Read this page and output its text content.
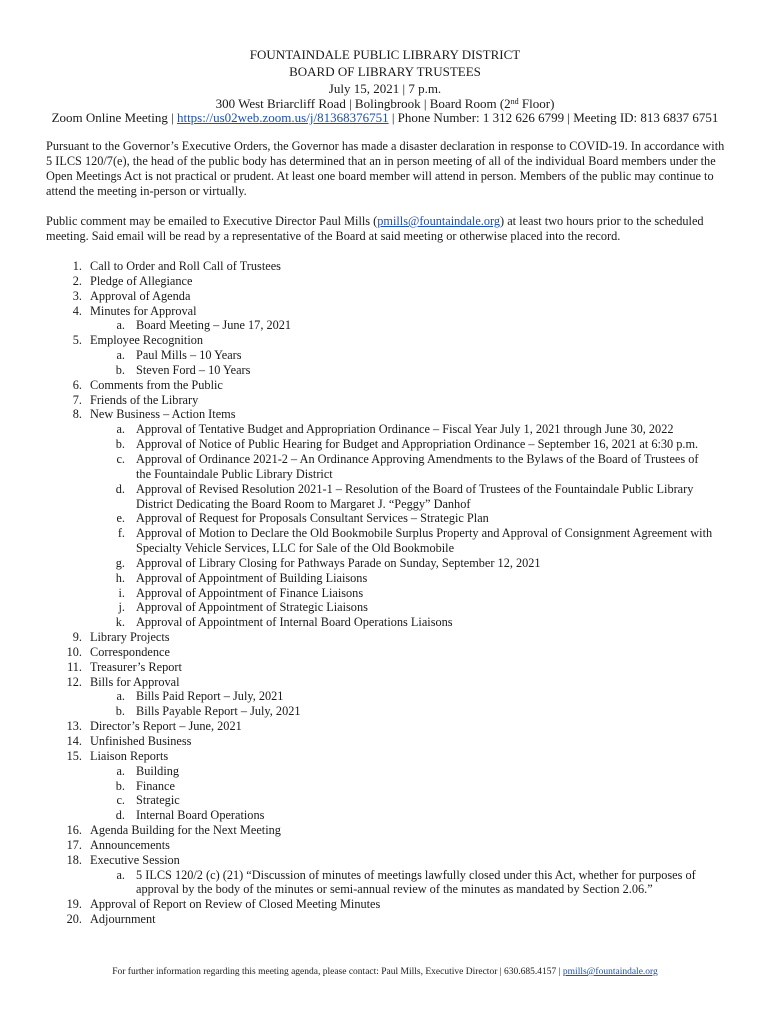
FOUNTAINDALE PUBLIC LIBRARY DISTRICT
BOARD OF LIBRARY TRUSTEES
July 15, 2021 | 7 p.m.
300 West Briarcliff Road | Bolingbrook | Board Room (2nd Floor)
Zoom Online Meeting | https://us02web.zoom.us/j/81368376751 | Phone Number: 1 312 626 6799 | Meeting ID: 813 6837 6751
Pursuant to the Governor’s Executive Orders, the Governor has made a disaster declaration in response to COVID-19. In accordance with 5 ILCS 120/7(e), the head of the public body has determined that an in person meeting of all of the individual Board members under the Open Meetings Act is not practical or prudent. At least one board member will attend in person. Members of the public may continue to attend the meeting in-person or virtually.
Public comment may be emailed to Executive Director Paul Mills (pmills@fountaindale.org) at least two hours prior to the scheduled meeting. Said email will be read by a representative of the Board at said meeting or otherwise placed into the record.
1. Call to Order and Roll Call of Trustees
2. Pledge of Allegiance
3. Approval of Agenda
4. Minutes for Approval
a. Board Meeting – June 17, 2021
5. Employee Recognition
a. Paul Mills – 10 Years
b. Steven Ford – 10 Years
6. Comments from the Public
7. Friends of the Library
8. New Business – Action Items
a. Approval of Tentative Budget and Appropriation Ordinance – Fiscal Year July 1, 2021 through June 30, 2022
b. Approval of Notice of Public Hearing for Budget and Appropriation Ordinance – September 16, 2021 at 6:30 p.m.
c. Approval of Ordinance 2021-2 – An Ordinance Approving Amendments to the Bylaws of the Board of Trustees of the Fountaindale Public Library District
d. Approval of Revised Resolution 2021-1 – Resolution of the Board of Trustees of the Fountaindale Public Library District Dedicating the Board Room to Margaret J. “Peggy” Danhof
e. Approval of Request for Proposals Consultant Services – Strategic Plan
f. Approval of Motion to Declare the Old Bookmobile Surplus Property and Approval of Consignment Agreement with Specialty Vehicle Services, LLC for Sale of the Old Bookmobile
g. Approval of Library Closing for Pathways Parade on Sunday, September 12, 2021
h. Approval of Appointment of Building Liaisons
i. Approval of Appointment of Finance Liaisons
j. Approval of Appointment of Strategic Liaisons
k. Approval of Appointment of Internal Board Operations Liaisons
9. Library Projects
10. Correspondence
11. Treasurer’s Report
12. Bills for Approval
a. Bills Paid Report – July, 2021
b. Bills Payable Report – July, 2021
13. Director’s Report – June, 2021
14. Unfinished Business
15. Liaison Reports
a. Building
b. Finance
c. Strategic
d. Internal Board Operations
16. Agenda Building for the Next Meeting
17. Announcements
18. Executive Session
a. 5 ILCS 120/2 (c) (21) “Discussion of minutes of meetings lawfully closed under this Act, whether for purposes of approval by the body of the minutes or semi-annual review of the minutes as mandated by Section 2.06.”
19. Approval of Report on Review of Closed Meeting Minutes
20. Adjournment
For further information regarding this meeting agenda, please contact: Paul Mills, Executive Director | 630.685.4157 | pmills@fountaindale.org
